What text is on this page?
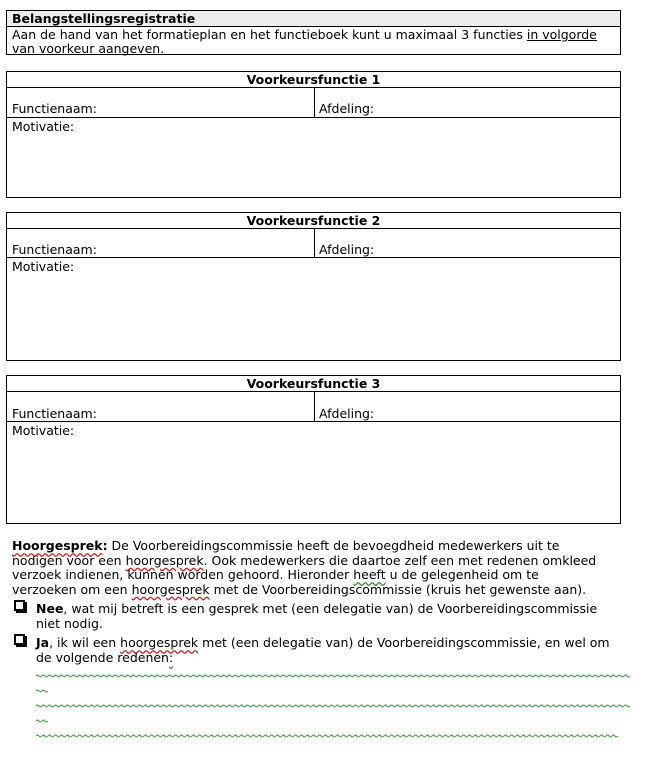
Belangstellingsregistratie
Aan de hand van het formatieplan en het functieboek kunt u maximaal 3 functies in volgorde van voorkeur aangeven.
Voorkeursfunctie 1
Functienaam:	Afdeling:
Motivatie:
Voorkeursfunctie 2
Functienaam:	Afdeling:
Motivatie:
Voorkeursfunctie 3
Functienaam:	Afdeling:
Motivatie:
Hoorgesprek: De Voorbereidingscommissie heeft de bevoegdheid medewerkers uit te nodigen voor een hoorgesprek. Ook medewerkers die daartoe zelf een met redenen omkleed verzoek indienen, kunnen worden gehoord. Hieronder heeft u de gelegenheid om te verzoeken om een hoorgesprek met de Voorbereidingscommissie (kruis het gewenste aan).
Nee, wat mij betreft is een gesprek met (een delegatie van) de Voorbereidingscommissie niet nodig.
Ja, ik wil een hoorgesprek met (een delegatie van) de Voorbereidingscommissie, en wel om de volgende redenen:
